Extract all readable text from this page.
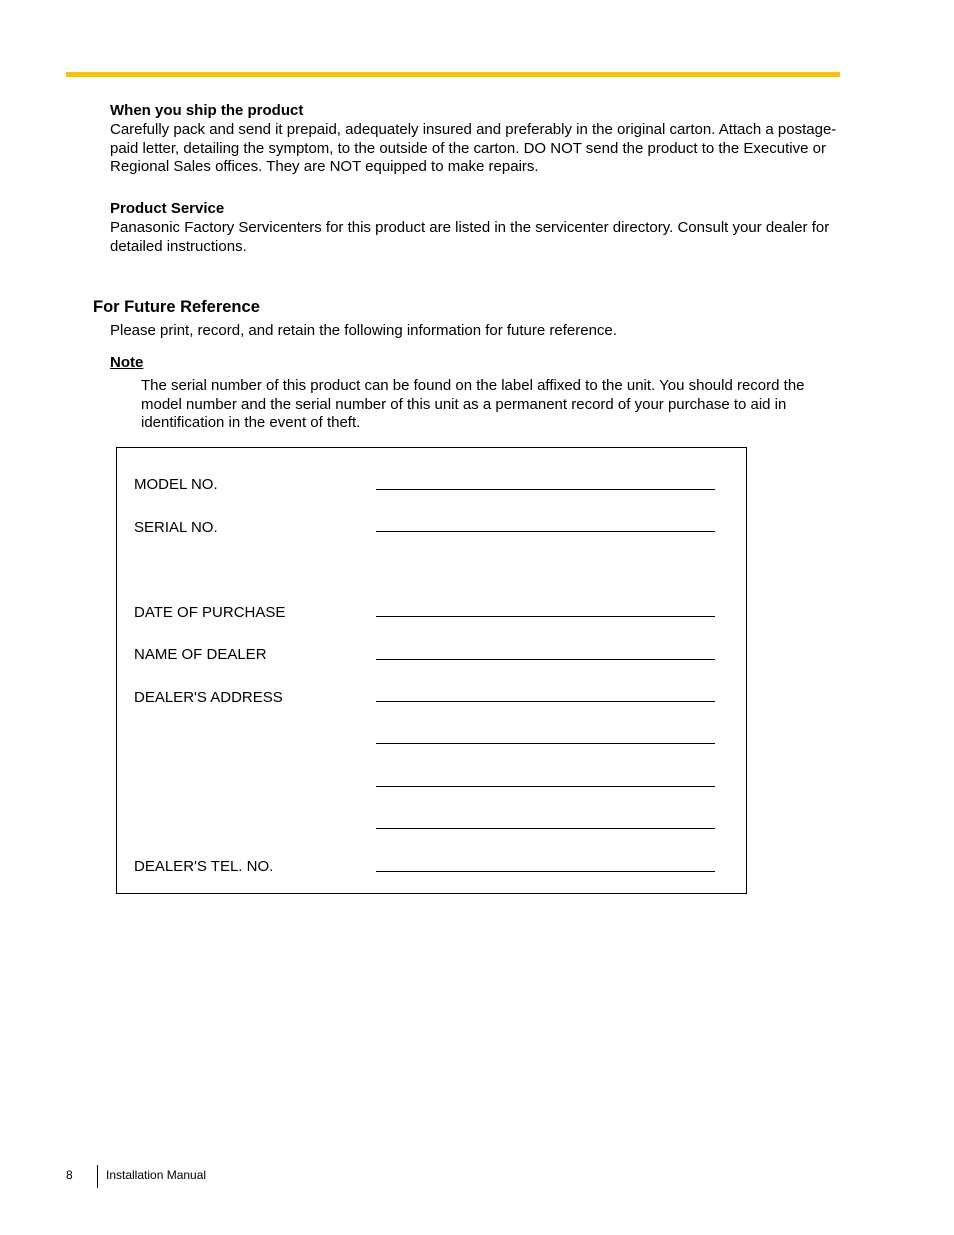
When you ship the product

Carefully pack and send it prepaid, adequately insured and preferably in the original carton. Attach a postage-paid letter, detailing the symptom, to the outside of the carton. DO NOT send the product to the Executive or Regional Sales offices. They are NOT equipped to make repairs.

Product Service

Panasonic Factory Servicenters for this product are listed in the servicenter directory. Consult your dealer for detailed instructions.

For Future Reference

Please print, record, and retain the following information for future reference.

Note

The serial number of this product can be found on the label affixed to the unit. You should record the model number and the serial number of this unit as a permanent record of your purchase to aid in identification in the event of theft.

MODEL NO.
SERIAL NO.
DATE OF PURCHASE
NAME OF DEALER
DEALER'S ADDRESS
DEALER'S TEL. NO.
8	Installation Manual
